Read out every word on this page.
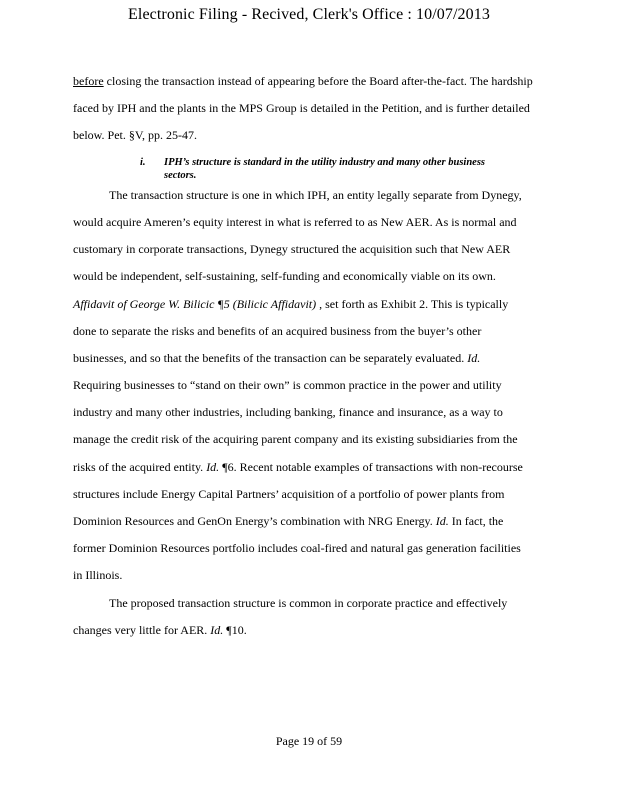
Electronic Filing - Recived, Clerk's Office : 10/07/2013
before closing the transaction instead of appearing before the Board after-the-fact. The hardship
faced by IPH and the plants in the MPS Group is detailed in the Petition, and is further detailed
below. Pet. §V, pp. 25-47.
The transaction structure is one in which IPH, an entity legally separate from Dynegy,
would acquire Ameren’s equity interest in what is referred to as New AER. As is normal and
customary in corporate transactions, Dynegy structured the acquisition such that New AER
would be independent, self-sustaining, self-funding and economically viable on its own.
Affidavit of George W. Bilicic ¶5 (Bilicic Affidavit) , set forth as Exhibit 2. This is typically
done to separate the risks and benefits of an acquired business from the buyer’s other
businesses, and so that the benefits of the transaction can be separately evaluated. Id.
Requiring businesses to “stand on their own” is common practice in the power and utility
industry and many other industries, including banking, finance and insurance, as a way to
manage the credit risk of the acquiring parent company and its existing subsidiaries from the
risks of the acquired entity. Id. ¶6. Recent notable examples of transactions with non-recourse
structures include Energy Capital Partners’ acquisition of a portfolio of power plants from
Dominion Resources and GenOn Energy’s combination with NRG Energy. Id. In fact, the
former Dominion Resources portfolio includes coal-fired and natural gas generation facilities
in Illinois.
The proposed transaction structure is common in corporate practice and effectively
changes very little for AER. Id. ¶10.
i. IPH’s structure is standard in the utility industry and many other business
sectors.
Page 19 of 59
